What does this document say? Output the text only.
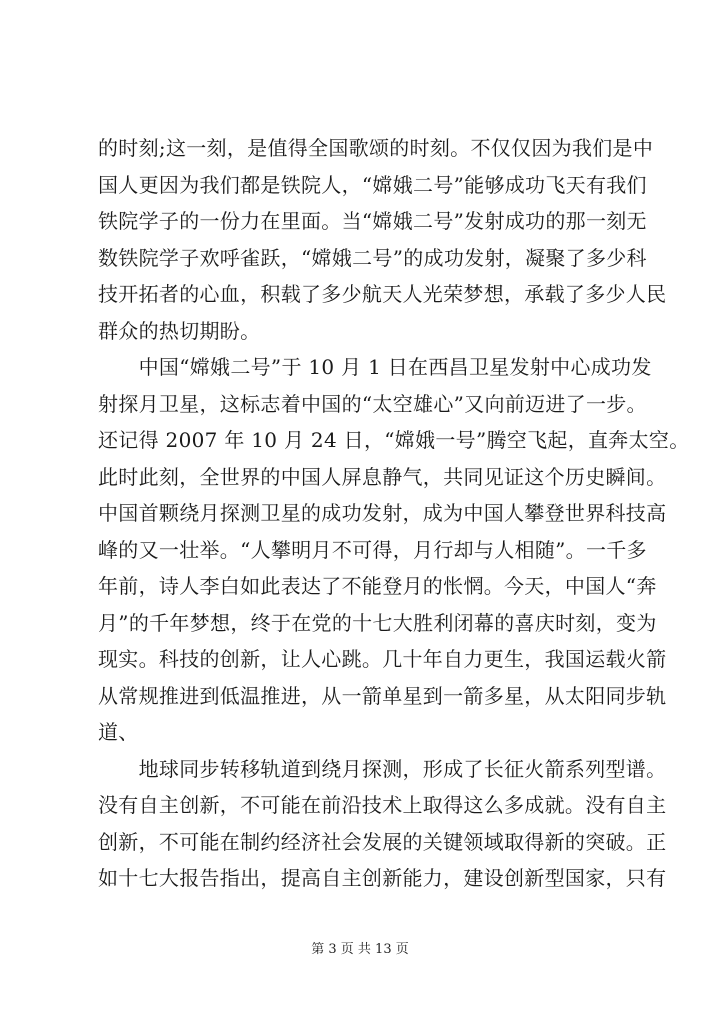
的时刻;这一刻，是值得全国歌颂的时刻。不仅仅因为我们是中
国人更因为我们都是铁院人，“嫦娥二号”能够成功飞天有我们
铁院学子的一份力在里面。当“嫦娥二号”发射成功的那一刻无
数铁院学子欢呼雀跃，“嫦娥二号”的成功发射，凝聚了多少科
技开拓者的心血，积载了多少航天人光荣梦想，承载了多少人民
群众的热切期盼。
　　中国“嫦娥二号”于 10 月 1 日在西昌卫星发射中心成功发
射探月卫星，这标志着中国的“太空雄心”又向前迈进了一步。
还记得 2007 年 10 月 24 日，“嫦娥一号”腾空飞起，直奔太空。
此时此刻，全世界的中国人屏息静气，共同见证这个历史瞬间。
中国首颗绕月探测卫星的成功发射，成为中国人攀登世界科技高
峰的又一壮举。“人攀明月不可得，月行却与人相随”。一千多
年前，诗人李白如此表达了不能登月的怅惘。今天，中国人“奔
月”的千年梦想，终于在党的十七大胜利闭幕的喜庆时刻，变为
现实。科技的创新，让人心跳。几十年自力更生，我国运载火箭
从常规推进到低温推进，从一箭单星到一箭多星，从太阳同步轨
道、
　　地球同步转移轨道到绕月探测，形成了长征火箭系列型谱。
没有自主创新，不可能在前沿技术上取得这么多成就。没有自主
创新，不可能在制约经济社会发展的关键领域取得新的突破。正
如十七大报告指出，提高自主创新能力，建设创新型国家，只有
第 3 页 共 13 页
